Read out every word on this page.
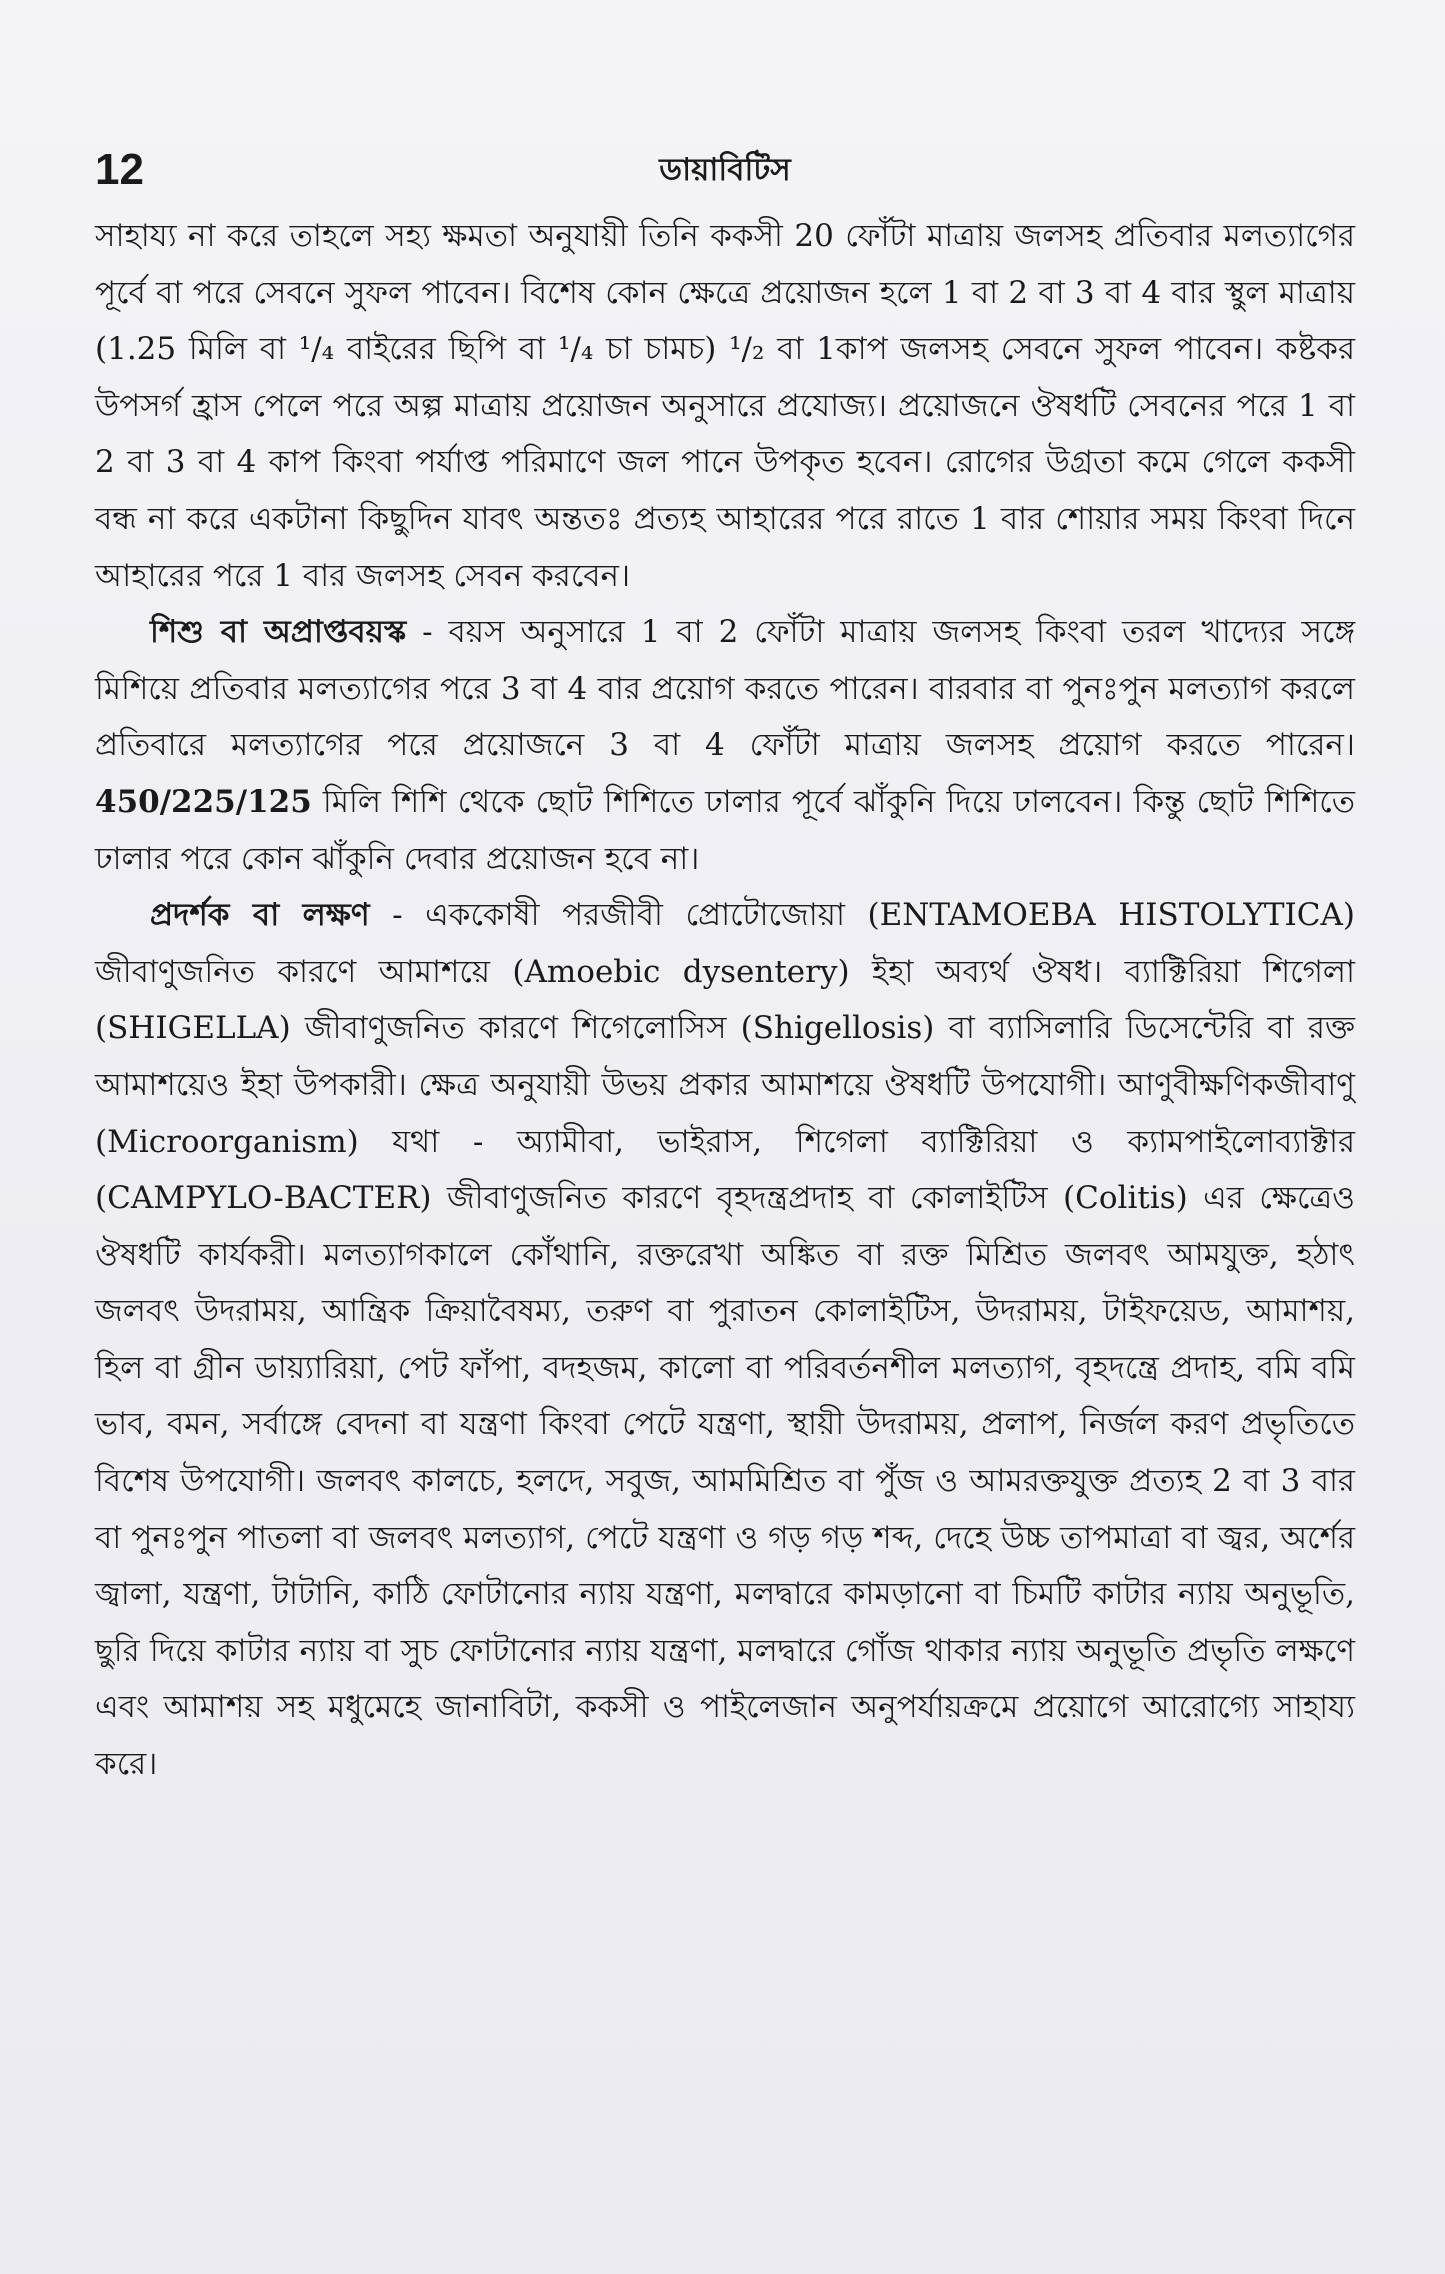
12	ডায়াবিটিস

সাহায্য না করে তাহলে সহ্য ক্ষমতা অনুযায়ী তিনি ককসী 20 ফোঁটা মাত্রায় জলসহ প্রতিবার মলত্যাগের পূর্বে বা পরে সেবনে সুফল পাবেন। বিশেষ কোন ক্ষেত্রে প্রয়োজন হলে 1 বা 2 বা 3 বা 4 বার স্থুল মাত্রায় (1.25 মিলি বা ¹/₄ বাইরের ছিপি বা ¹/₄ চা চামচ) ¹/₂ বা 1কাপ জলসহ সেবনে সুফল পাবেন। কষ্টকর উপসর্গ হ্রাস পেলে পরে অল্প মাত্রায় প্রয়োজন অনুসারে প্রযোজ্য। প্রয়োজনে ঔষধটি সেবনের পরে 1 বা 2 বা 3 বা 4 কাপ কিংবা পর্যাপ্ত পরিমাণে জল পানে উপকৃত হবেন। রোগের উগ্রতা কমে গেলে ককসী বন্ধ না করে একটানা কিছুদিন যাবৎ অন্ততঃ প্রত্যহ আহারের পরে রাতে 1 বার শোয়ার সময় কিংবা দিনে আহারের পরে 1 বার জলসহ সেবন করবেন।

শিশু বা অপ্রাপ্তবয়স্ক - বয়স অনুসারে 1 বা 2 ফোঁটা মাত্রায় জলসহ কিংবা তরল খাদ্যের সঙ্গে মিশিয়ে প্রতিবার মলত্যাগের পরে 3 বা 4 বার প্রয়োগ করতে পারেন। বারবার বা পুনঃপুন মলত্যাগ করলে প্রতিবারে মলত্যাগের পরে প্রয়োজনে 3 বা 4 ফোঁটা মাত্রায় জলসহ প্রয়োগ করতে পারেন। 450/225/125 মিলি শিশি থেকে ছোট শিশিতে ঢালার পূর্বে ঝাঁকুনি দিয়ে ঢালবেন। কিন্তু ছোট শিশিতে ঢালার পরে কোন ঝাঁকুনি দেবার প্রয়োজন হবে না।

প্রদর্শক বা লক্ষণ - এককোষী পরজীবী প্রোটোজোয়া (ENTAMOEBA HISTOLYTICA) জীবাণুজনিত কারণে আমাশয়ে (Amoebic dysentery) ইহা অব্যর্থ ঔষধ। ব্যাক্টিরিয়া শিগেলা (SHIGELLA) জীবাণুজনিত কারণে শিগেলোসিস (Shigellosis) বা ব্যাসিলারি ডিসেন্টেরি বা রক্ত আমাশয়েও ইহা উপকারী। ক্ষেত্র অনুযায়ী উভয় প্রকার আমাশয়ে ঔষধটি উপযোগী। আণুবীক্ষণিকজীবাণু (Microorganism) যথা - অ্যামীবা, ভাইরাস, শিগেলা ব্যাক্টিরিয়া ও ক্যামপাইলোব্যাক্টার (CAMPYLO-BACTER) জীবাণুজনিত কারণে বৃহদন্ত্রপ্রদাহ বা কোলাইটিস (Colitis) এর ক্ষেত্রেও ঔষধটি কার্যকরী। মলত্যাগকালে কোঁথানি, রক্তরেখা অঙ্কিত বা রক্ত মিশ্রিত জলবৎ আমযুক্ত, হঠাৎ জলবৎ উদরাময়, আন্ত্রিক ক্রিয়াবৈষম্য, তরুণ বা পুরাতন কোলাইটিস, উদরাময়, টাইফয়েড, আমাশয়, হিল বা গ্রীন ডায়্যারিয়া, পেট ফাঁপা, বদহজম, কালো বা পরিবর্তনশীল মলত্যাগ, বৃহদন্ত্রে প্রদাহ, বমি বমি ভাব, বমন, সর্বাঙ্গে বেদনা বা যন্ত্রণা কিংবা পেটে যন্ত্রণা, স্থায়ী উদরাময়, প্রলাপ, নির্জল করণ প্রভৃতিতে বিশেষ উপযোগী। জলবৎ কালচে, হলদে, সবুজ, আমমিশ্রিত বা পুঁজ ও আমরক্তযুক্ত প্রত্যহ 2 বা 3 বার বা পুনঃপুন পাতলা বা জলবৎ মলত্যাগ, পেটে যন্ত্রণা ও গড় গড় শব্দ, দেহে উচ্চ তাপমাত্রা বা জ্বর, অর্শের জ্বালা, যন্ত্রণা, টাটানি, কাঠি ফোটানোর ন্যায় যন্ত্রণা, মলদ্বারে কামড়ানো বা চিমটি কাটার ন্যায় অনুভূতি, ছুরি দিয়ে কাটার ন্যায় বা সুচ ফোটানোর ন্যায় যন্ত্রণা, মলদ্বারে গোঁজ থাকার ন্যায় অনুভূতি প্রভৃতি লক্ষণে এবং আমাশয় সহ মধুমেহে জানাবিটা, ককসী ও পাইলেজান অনুপর্যায়ক্রমে প্রয়োগে আরোগ্যে সাহায্য করে।
